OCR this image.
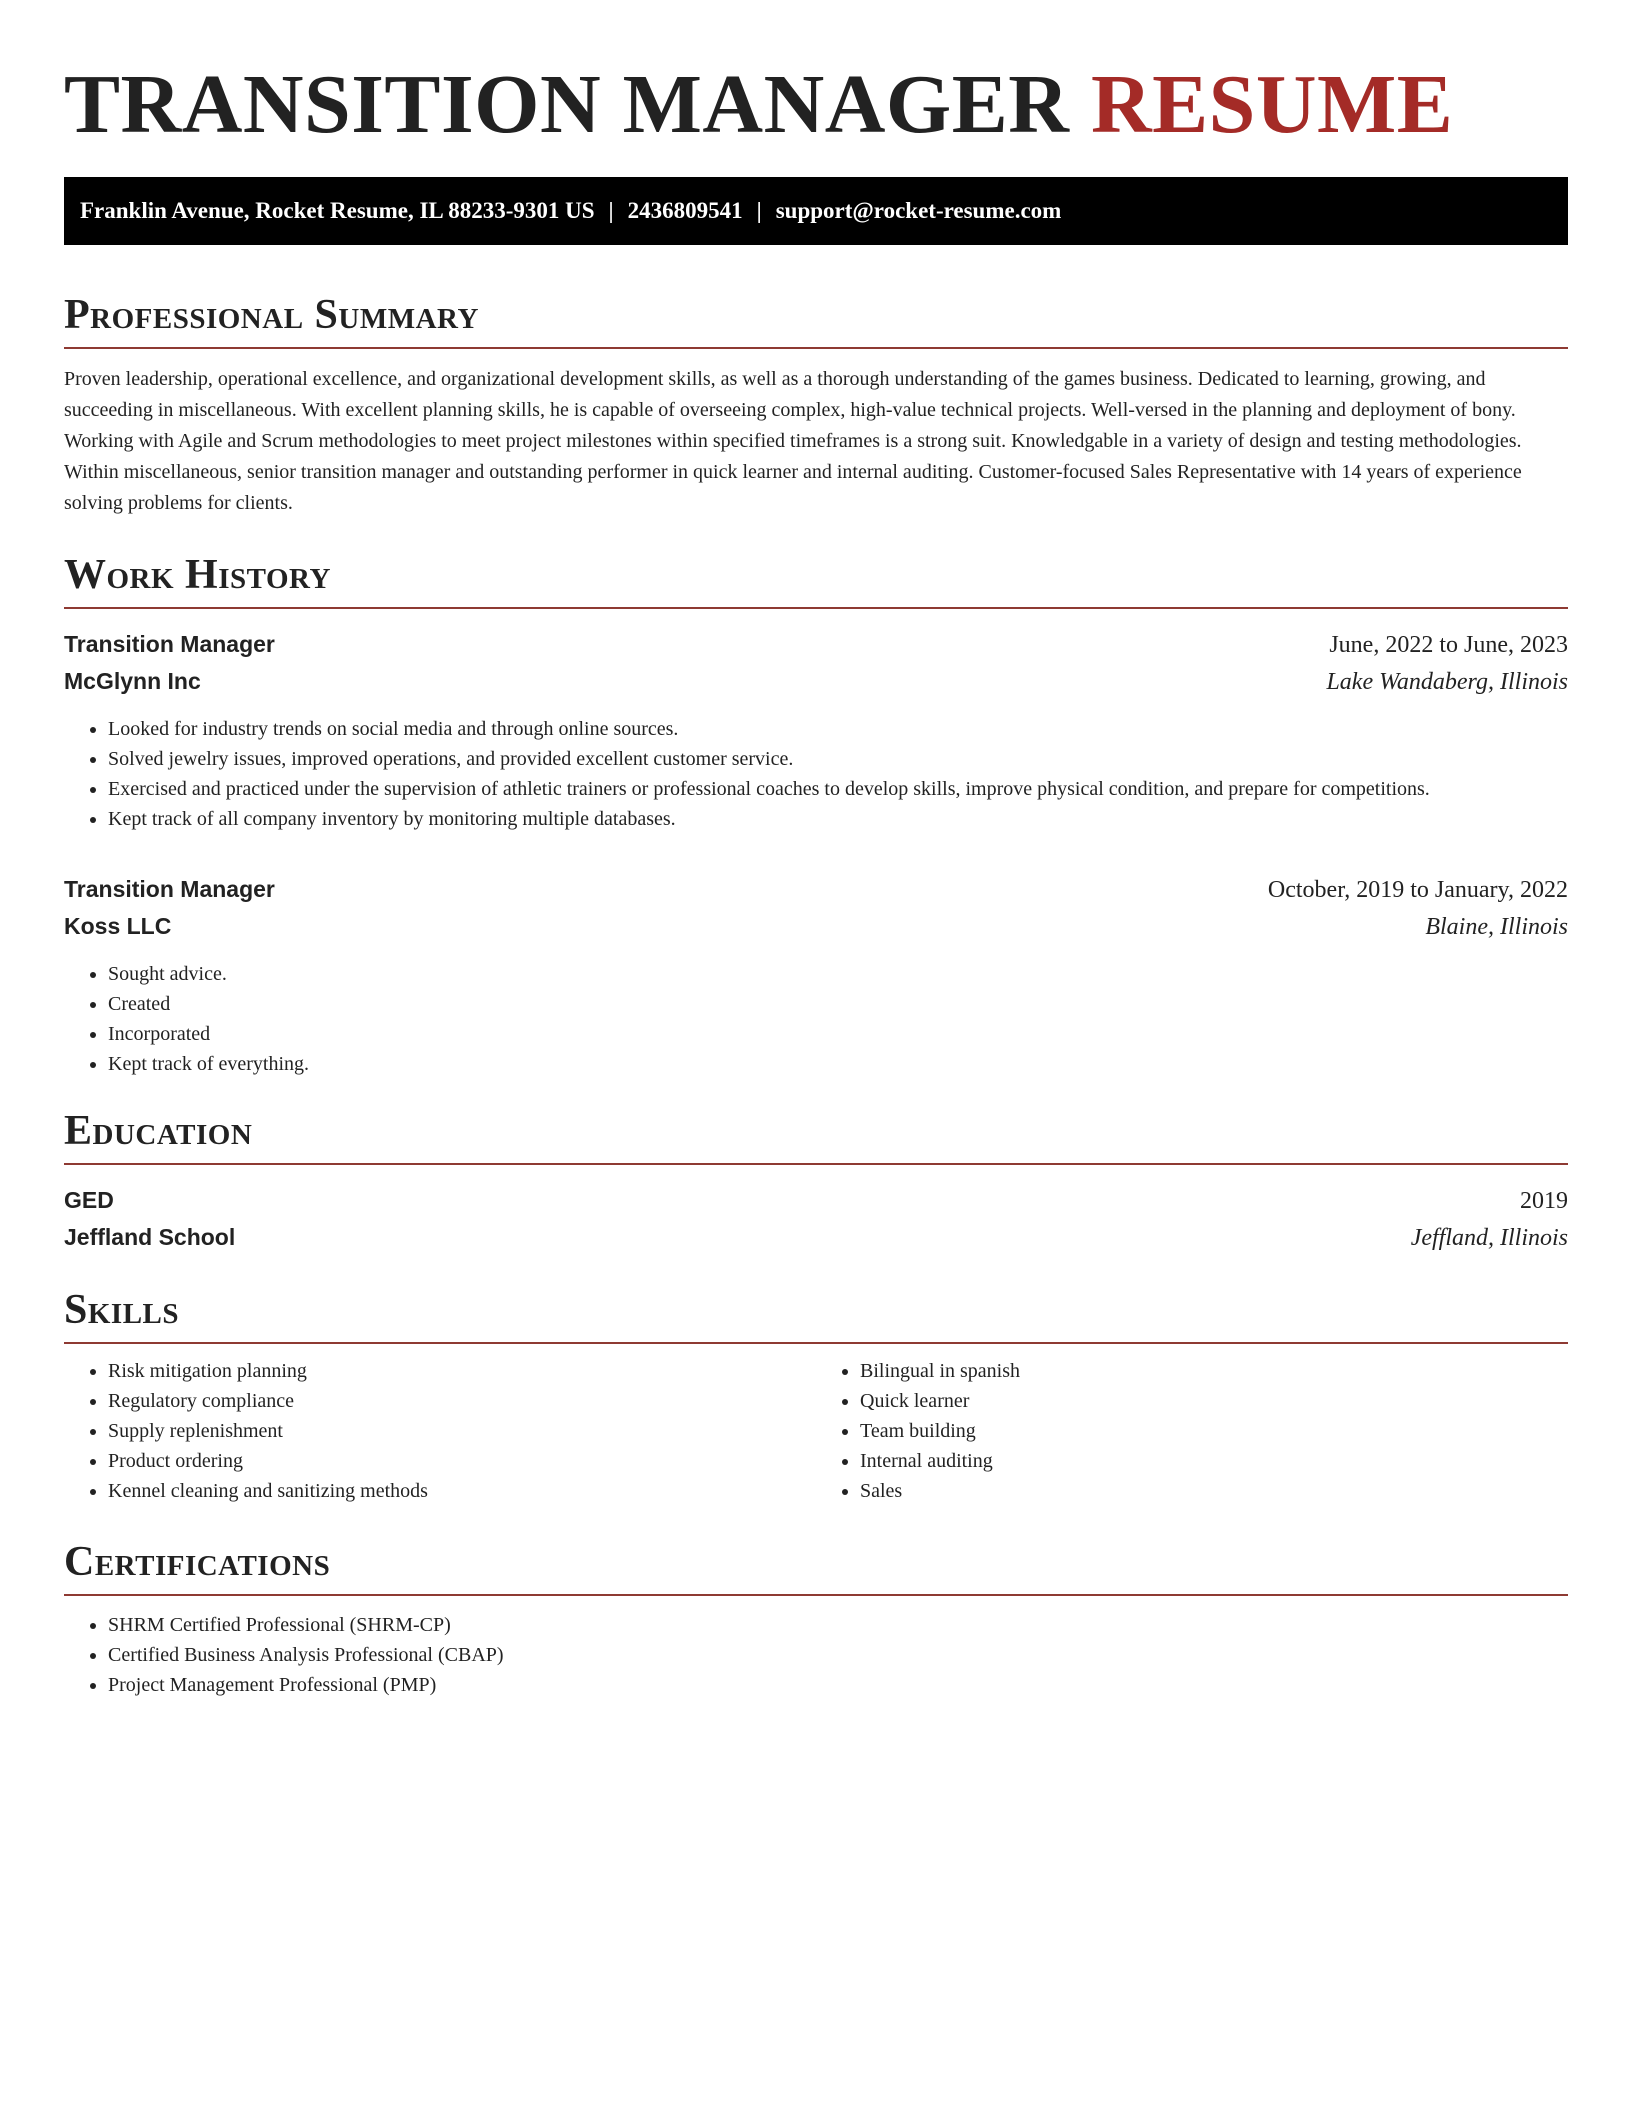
TRANSITION MANAGER RESUME
Franklin Avenue, Rocket Resume, IL 88233-9301 US | 2436809541 | support@rocket-resume.com
Professional Summary

Proven leadership, operational excellence, and organizational development skills, as well as a thorough understanding of the games business. Dedicated to learning, growing, and succeeding in miscellaneous. With excellent planning skills, he is capable of overseeing complex, high-value technical projects. Well-versed in the planning and deployment of bony. Working with Agile and Scrum methodologies to meet project milestones within specified timeframes is a strong suit. Knowledgable in a variety of design and testing methodologies. Within miscellaneous, senior transition manager and outstanding performer in quick learner and internal auditing. Customer-focused Sales Representative with 14 years of experience solving problems for clients.

Work History
Transition Manager	June, 2022 to June, 2023
McGlynn Inc	Lake Wandaberg, Illinois
• Looked for industry trends on social media and through online sources.
• Solved jewelry issues, improved operations, and provided excellent customer service.
• Exercised and practiced under the supervision of athletic trainers or professional coaches to develop skills, improve physical condition, and prepare for competitions.
• Kept track of all company inventory by monitoring multiple databases.
Transition Manager	October, 2019 to January, 2022
Koss LLC	Blaine, Illinois
• Sought advice.
• Created
• Incorporated
• Kept track of everything.
Education
GED	2019
Jeffland School	Jeffland, Illinois
Skills
• Risk mitigation planning
• Regulatory compliance
• Supply replenishment
• Product ordering
• Kennel cleaning and sanitizing methods
• Bilingual in spanish
• Quick learner
• Team building
• Internal auditing
• Sales
Certifications
• SHRM Certified Professional (SHRM-CP)
• Certified Business Analysis Professional (CBAP)
• Project Management Professional (PMP)
